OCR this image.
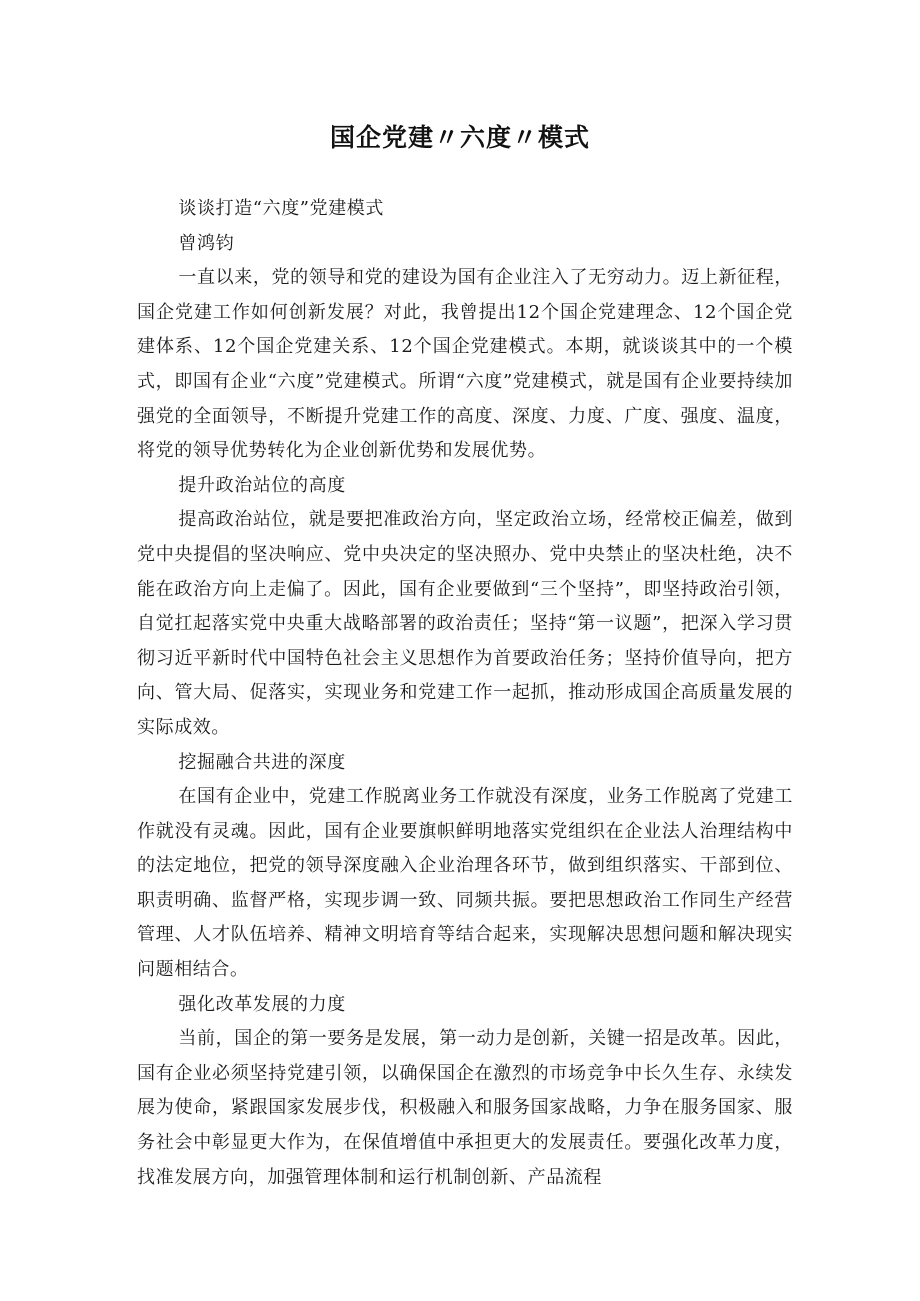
国企党建〃六度〃模式

谈谈打造“六度”党建模式

曾鸿钧

一直以来，党的领导和党的建设为国有企业注入了无穷动力。迈上新征程，国企党建工作如何创新发展？对此，我曾提出12个国企党建理念、12个国企党建体系、12个国企党建关系、12个国企党建模式。本期，就谈谈其中的一个模式，即国有企业“六度”党建模式。所谓“六度”党建模式，就是国有企业要持续加强党的全面领导，不断提升党建工作的高度、深度、力度、广度、强度、温度，将党的领导优势转化为企业创新优势和发展优势。

提升政治站位的高度

提高政治站位，就是要把准政治方向，坚定政治立场，经常校正偏差，做到党中央提倡的坚决响应、党中央决定的坚决照办、党中央禁止的坚决杜绝，决不能在政治方向上走偏了。因此，国有企业要做到“三个坚持”，即坚持政治引领，自觉扛起落实党中央重大战略部署的政治责任；坚持“第一议题”，把深入学习贯彻习近平新时代中国特色社会主义思想作为首要政治任务；坚持价值导向，把方向、管大局、促落实，实现业务和党建工作一起抓，推动形成国企高质量发展的实际成效。

挖掘融合共进的深度

在国有企业中，党建工作脱离业务工作就没有深度，业务工作脱离了党建工作就没有灵魂。因此，国有企业要旗帜鲜明地落实党组织在企业法人治理结构中的法定地位，把党的领导深度融入企业治理各环节，做到组织落实、干部到位、职责明确、监督严格，实现步调一致、同频共振。要把思想政治工作同生产经营管理、人才队伍培养、精神文明培育等结合起来，实现解决思想问题和解决现实问题相结合。

强化改革发展的力度

当前，国企的第一要务是发展，第一动力是创新，关键一招是改革。因此，国有企业必须坚持党建引领，以确保国企在激烈的市场竞争中长久生存、永续发展为使命，紧跟国家发展步伐，积极融入和服务国家战略，力争在服务国家、服务社会中彰显更大作为，在保值增值中承担更大的发展责任。要强化改革力度，找准发展方向，加强管理体制和运行机制创新、产品流程
